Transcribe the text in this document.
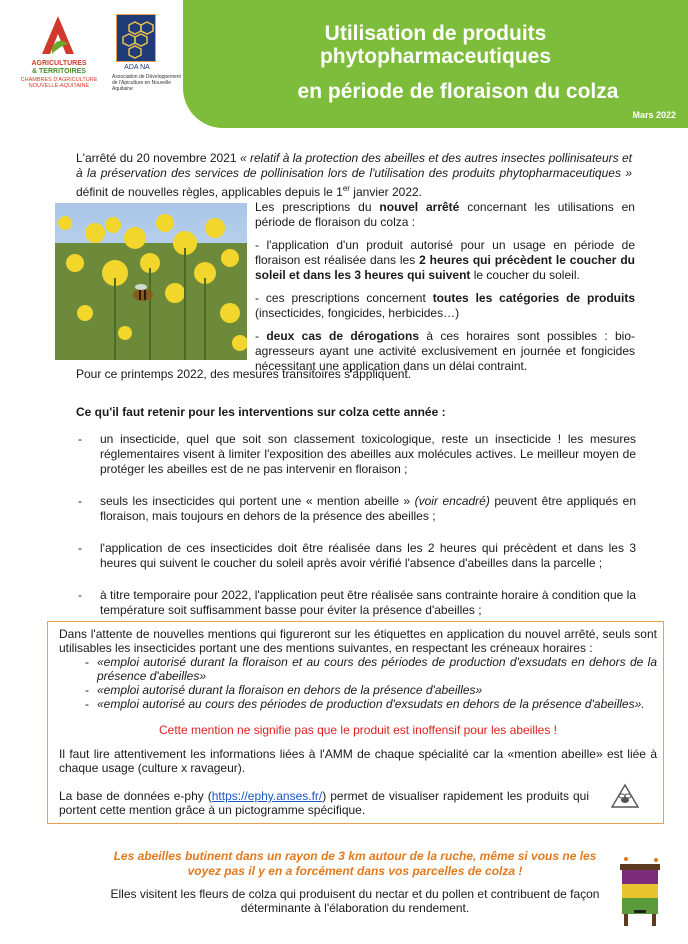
AGRICULTURES
& TERRITOIRES
CHAMBRES D'AGRICULTURE NOUVELLE-AQUITAINE
ADA NA
Association de Développement de l'Apiculture en Nouvelle Aquitaine
Utilisation de produits
phytopharmaceutiques
en période de floraison du colza
Mars 2022
L'arrêté du 20 novembre 2021 « relatif à la protection des abeilles et des autres insectes pollinisateurs et à la préservation des services de pollinisation lors de l'utilisation des produits phytopharmaceutiques » définit de nouvelles règles, applicables depuis le 1er janvier 2022.

Les prescriptions du nouvel arrêté concernant les utilisations en période de floraison du colza :

- l'application d'un produit autorisé pour un usage en période de floraison est réalisée dans les 2 heures qui précèdent le coucher du soleil et dans les 3 heures qui suivent le coucher du soleil.

- ces prescriptions concernent toutes les catégories de produits (insecticides, fongicides, herbicides…)

- deux cas de dérogations à ces horaires sont possibles : bio-agresseurs ayant une activité exclusivement en journée et fongicides nécessitant une application dans un délai contraint.

Pour ce printemps 2022, des mesures transitoires s'appliquent.
Ce qu'il faut retenir pour les interventions sur colza cette année :
- un insecticide, quel que soit son classement toxicologique, reste un insecticide ! les mesures réglementaires visent à limiter l'exposition des abeilles aux molécules actives. Le meilleur moyen de protéger les abeilles est de ne pas intervenir en floraison ;
- seuls les insecticides qui portent une « mention abeille » (voir encadré) peuvent être appliqués en floraison, mais toujours en dehors de la présence des abeilles ;
- l'application de ces insecticides doit être réalisée dans les 2 heures qui précèdent et dans les 3 heures qui suivent le coucher du soleil après avoir vérifié l'absence d'abeilles dans la parcelle ;
- à titre temporaire pour 2022, l'application peut être réalisée sans contrainte horaire à condition que la température soit suffisamment basse pour éviter la présence d'abeilles ;
Dans l'attente de nouvelles mentions qui figureront sur les étiquettes en application du nouvel arrêté, seuls sont utilisables les insecticides portant une des mentions suivantes, en respectant les créneaux horaires :
- «emploi autorisé durant la floraison et au cours des périodes de production d'exsudats en dehors de la présence d'abeilles»
- «emploi autorisé durant la floraison en dehors de la présence d'abeilles»
- «emploi autorisé au cours des périodes de production d'exsudats en dehors de la présence d'abeilles».
Cette mention ne signifie pas que le produit est inoffensif pour les abeilles !
Il faut lire attentivement les informations liées à l'AMM de chaque spécialité car la «mention abeille» est liée à chaque usage (culture x ravageur).
La base de données e-phy (https://ephy.anses.fr/) permet de visualiser rapidement les produits qui portent cette mention grâce à un pictogramme spécifique.
Les abeilles butinent dans un rayon de 3 km autour de la ruche, même si vous ne les voyez pas il y en a forcément dans vos parcelles de colza !
Elles visitent les fleurs de colza qui produisent du nectar et du pollen et contribuent de façon déterminante à l'élaboration du rendement.
